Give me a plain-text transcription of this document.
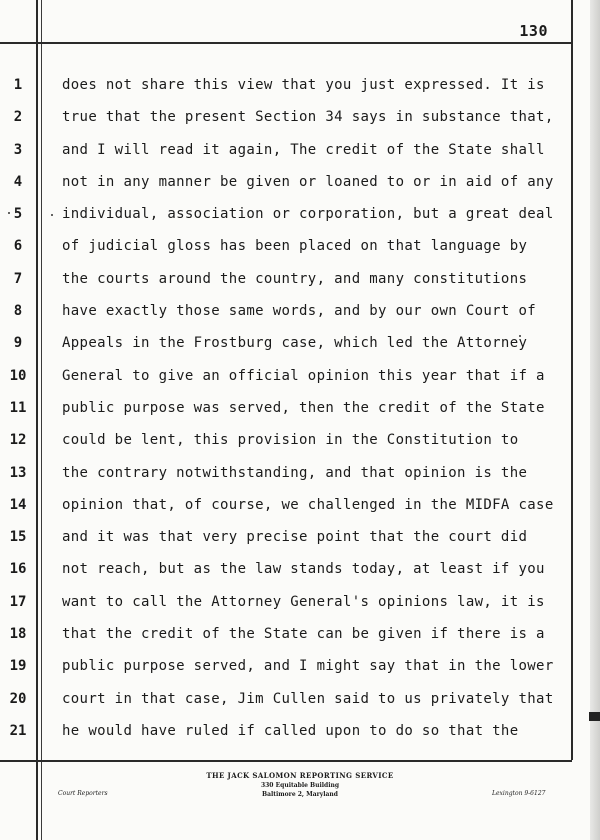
130
1	does not share this view that you just expressed. It is
2	true that the present Section 34 says in substance that,
3	and I will read it again, The credit of the State shall
4	not in any manner be given or loaned to or in aid of any
5	individual, association or corporation, but a great deal
6	of judicial gloss has been placed on that language by
7	the courts around the country, and many constitutions
8	have exactly those same words, and by our own Court of
9	Appeals in the Frostburg case, which led the Attorney
10	General to give an official opinion this year that if a
11	public purpose was served, then the credit of the State
12	could be lent, this provision in the Constitution to
13	the contrary notwithstanding, and that opinion is the
14	opinion that, of course, we challenged in the MIDFA case
15	and it was that very precise point that the court did
16	not reach, but as the law stands today, at least if you
17	want to call the Attorney General's opinions law, it is
18	that the credit of the State can be given if there is a
19	public purpose served, and I might say that in the lower
20	court in that case, Jim Cullen said to us privately that
21	he would have ruled if called upon to do so that the
THE JACK SALOMON REPORTING SERVICE
330 Equitable Building
Baltimore 2, Maryland
Court Reporters	Lexington 9-6127
